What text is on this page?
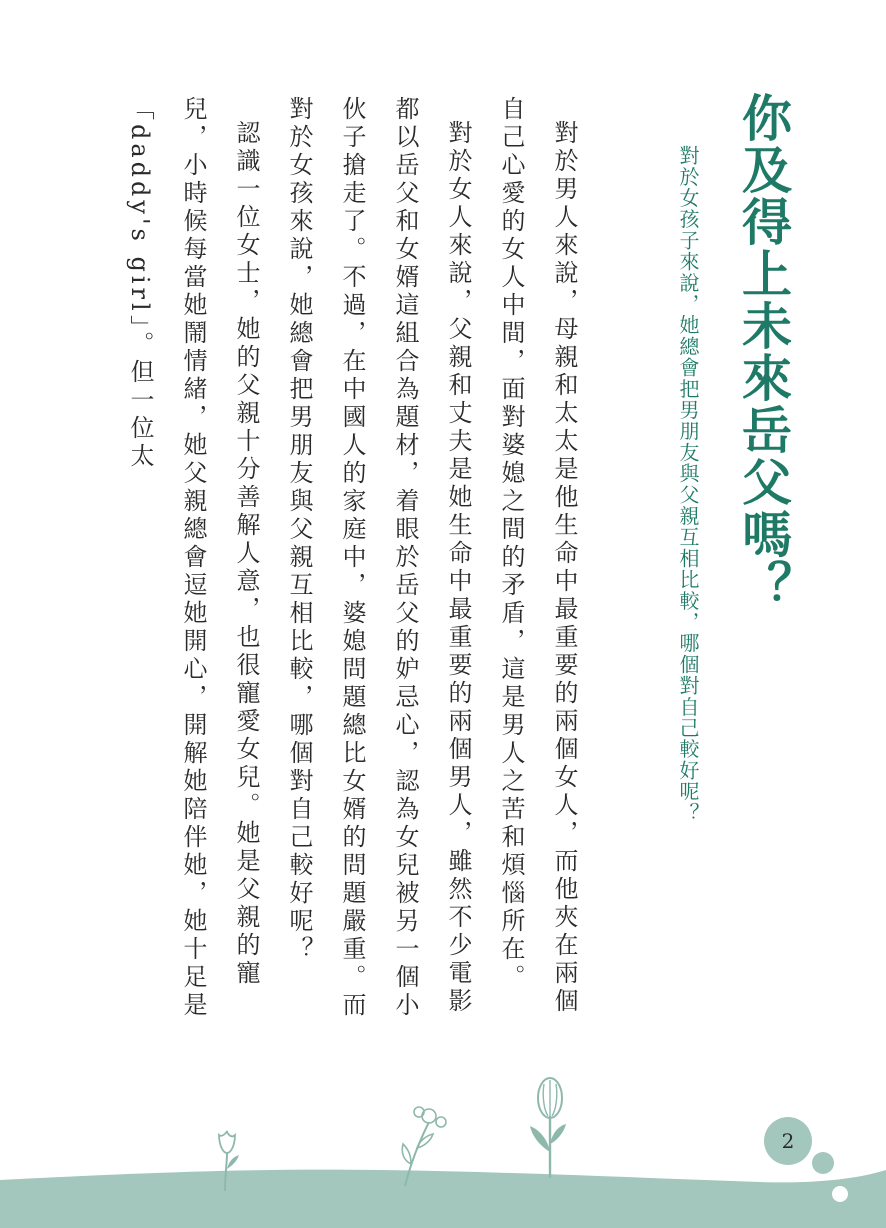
你及得上未來岳父嗎？
對於女孩子來說，她總會把男朋友與父親互相比較，哪個對自己較好呢？

對於男人來說，母親和太太是他生命中最重要的兩個女人，而他夾在兩個自己心愛的女人中間，面對婆媳之間的矛盾，這是男人之苦和煩惱所在。

對於女人來說，父親和丈夫是她生命中最重要的兩個男人，雖然不少電影都以岳父和女婿這組合為題材，着眼於岳父的妒忌心，認為女兒被另一個小伙子搶走了。不過，在中國人的家庭中，婆媳問題總比女婿的問題嚴重。而對於女孩來說，她總會把男朋友與父親互相比較，哪個對自己較好呢？

認識一位女士，她的父親十分善解人意，也很寵愛女兒。她是父親的寵兒，小時候每當她鬧情緒，她父親總會逗她開心，開解她陪伴她，她十足是「daddy's girl」。但一位太

2
